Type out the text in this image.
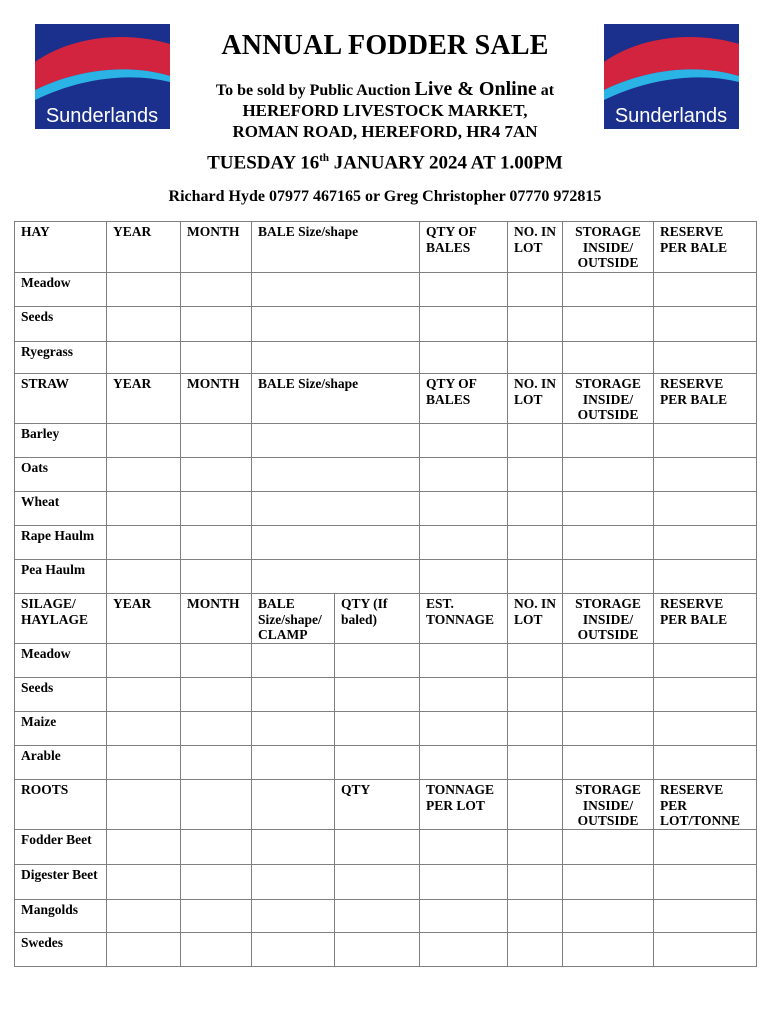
Sunderlands	Sunderlands
ANNUAL FODDER SALE
To be sold by Public Auction Live & Online at
HEREFORD LIVESTOCK MARKET,
ROMAN ROAD, HEREFORD, HR4 7AN
TUESDAY 16th JANUARY 2024 AT 1.00PM
Richard Hyde 07977 467165 or Greg Christopher 07770 972815
HAY	YEAR	MONTH	BALE Size/shape		QTY OF BALES	NO. IN LOT	STORAGE INSIDE/ OUTSIDE	RESERVE PER BALE
Meadow								
Seeds								
Ryegrass								
STRAW	YEAR	MONTH	BALE Size/shape		QTY OF BALES	NO. IN LOT	STORAGE INSIDE/ OUTSIDE	RESERVE PER BALE
Barley								
Oats								
Wheat								
Rape Haulm								
Pea Haulm								
SILAGE/ HAYLAGE	YEAR	MONTH	BALE Size/shape/ CLAMP	QTY (If baled)	EST. TONNAGE	NO. IN LOT	STORAGE INSIDE/ OUTSIDE	RESERVE PER BALE
Meadow								
Seeds								
Maize								
Arable								
ROOTS				QTY	TONNAGE PER LOT		STORAGE INSIDE/ OUTSIDE	RESERVE PER LOT/TONNE
Fodder Beet								
Digester Beet								
Mangolds								
Swedes								
